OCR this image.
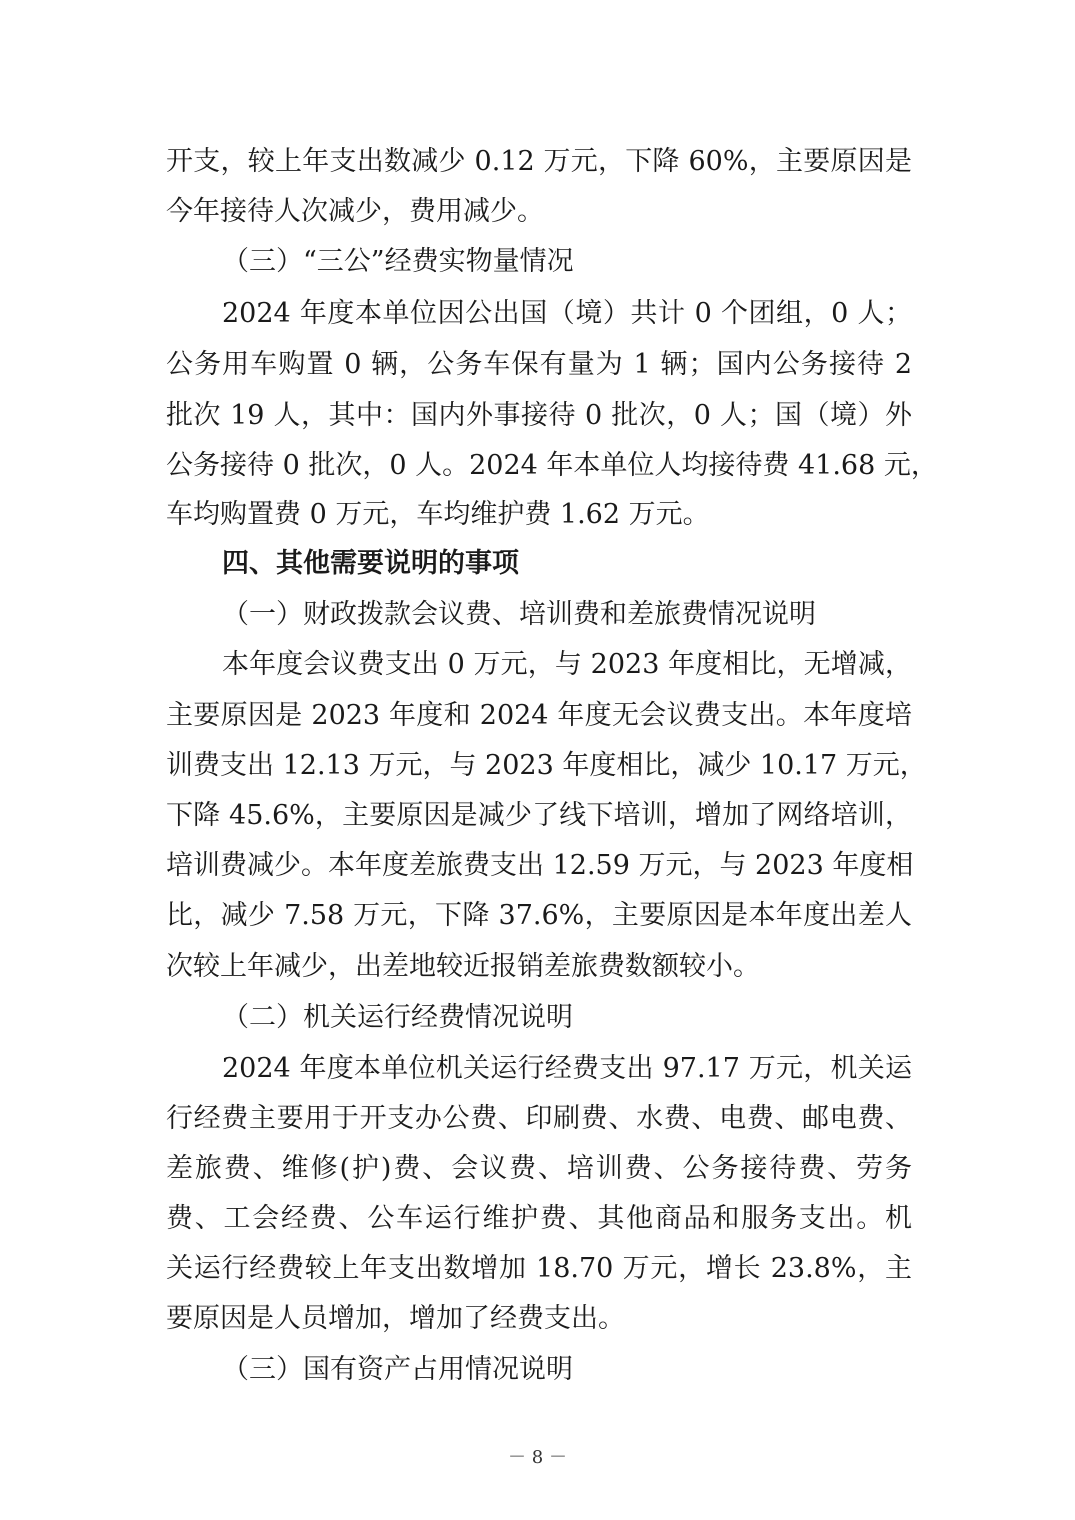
开支，较上年支出数减少 0.12 万元，下降 60%，主要原因是
今年接待人次减少，费用减少。
（三）“三公”经费实物量情况
2024 年度本单位因公出国（境）共计 0 个团组，0 人；
公务用车购置 0 辆，公务车保有量为 1 辆；国内公务接待 2
批次 19 人，其中：国内外事接待 0 批次，0 人；国（境）外
公务接待 0 批次，0 人。2024 年本单位人均接待费 41.68 元，
车均购置费 0 万元，车均维护费 1.62 万元。
四、其他需要说明的事项
（一）财政拨款会议费、培训费和差旅费情况说明
本年度会议费支出 0 万元，与 2023 年度相比，无增减，
主要原因是 2023 年度和 2024 年度无会议费支出。本年度培
训费支出 12.13 万元，与 2023 年度相比，减少 10.17 万元，
下降 45.6%，主要原因是减少了线下培训，增加了网络培训，
培训费减少。本年度差旅费支出 12.59 万元，与 2023 年度相
比，减少 7.58 万元，下降 37.6%，主要原因是本年度出差人
次较上年减少，出差地较近报销差旅费数额较小。
（二）机关运行经费情况说明
2024 年度本单位机关运行经费支出 97.17 万元，机关运
行经费主要用于开支办公费、印刷费、水费、电费、邮电费、
差旅费、维修(护)费、会议费、培训费、公务接待费、劳务
费、工会经费、公车运行维护费、其他商品和服务支出。机
关运行经费较上年支出数增加 18.70 万元，增长 23.8%，主
要原因是人员增加，增加了经费支出。
（三）国有资产占用情况说明
－ 8 －
